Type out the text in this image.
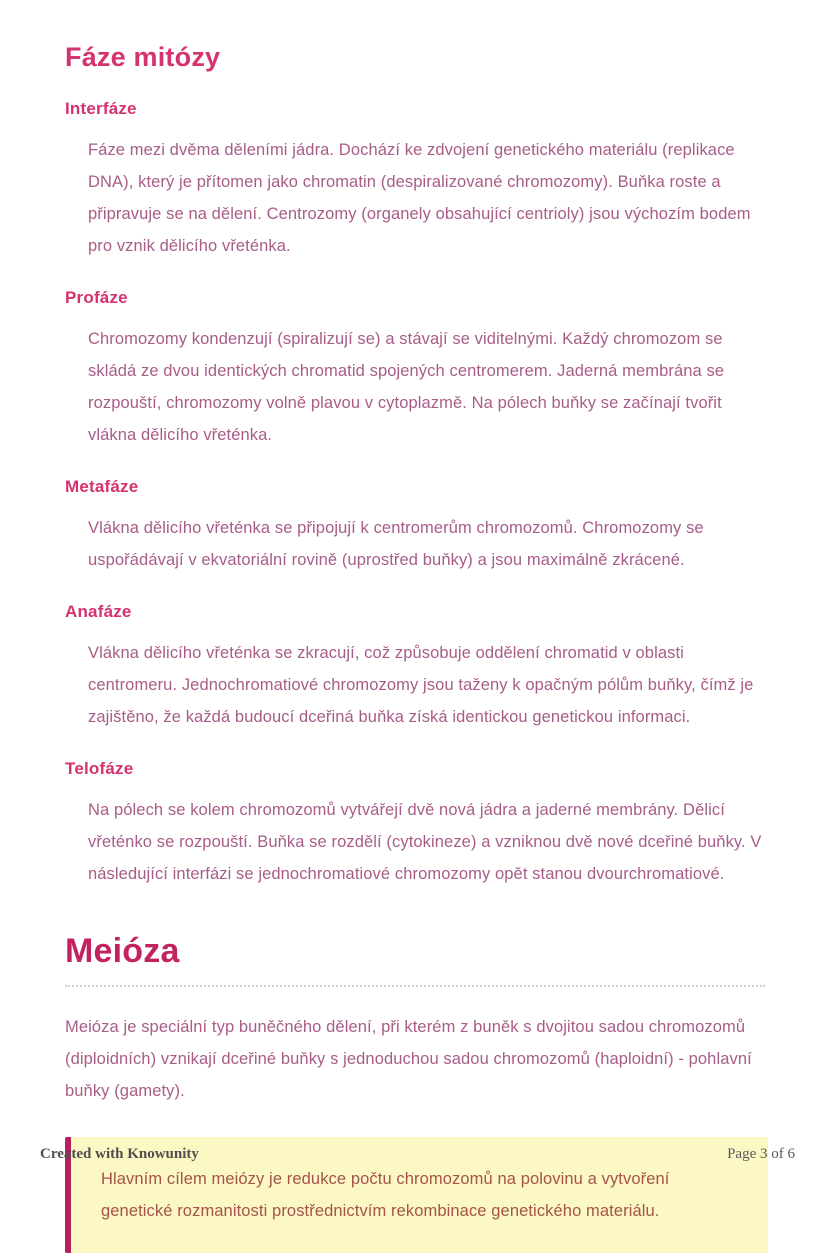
Fáze mitózy
Interfáze

Fáze mezi dvěma děleními jádra. Dochází ke zdvojení genetického materiálu (replikace DNA), který je přítomen jako chromatin (despiralizované chromozomy). Buňka roste a připravuje se na dělení. Centrozomy (organely obsahující centrioly) jsou výchozím bodem pro vznik dělicího vřeténka.

Profáze

Chromozomy kondenzují (spiralizují se) a stávají se viditelnými. Každý chromozom se skládá ze dvou identických chromatid spojených centromerem. Jaderná membrána se rozpouští, chromozomy volně plavou v cytoplazmě. Na pólech buňky se začínají tvořit vlákna dělicího vřeténka.

Metafáze

Vlákna dělicího vřeténka se připojují k centromerům chromozomů. Chromozomy se uspořádávají v ekvatoriální rovině (uprostřed buňky) a jsou maximálně zkrácené.

Anafáze

Vlákna dělicího vřeténka se zkracují, což způsobuje oddělení chromatid v oblasti centromeru. Jednochromatiové chromozomy jsou taženy k opačným pólům buňky, čímž je zajištěno, že každá budoucí dceřiná buňka získá identickou genetickou informaci.

Telofáze

Na pólech se kolem chromozomů vytvářejí dvě nová jádra a jaderné membrány. Dělicí vřeténko se rozpouští. Buňka se rozdělí (cytokineze) a vzniknou dvě nové dceřiné buňky. V následující interfázi se jednochromatiové chromozomy opět stanou dvourchromatiové.

Meióza

Meióza je speciální typ buněčného dělení, při kterém z buněk s dvojitou sadou chromozomů (diploidních) vznikají dceřiné buňky s jednoduchou sadou chromozomů (haploidní) - pohlavní buňky (gamety).

Hlavním cílem meiózy je redukce počtu chromozomů na polovinu a vytvoření genetické rozmanitosti prostřednictvím rekombinace genetického materiálu.
Created with Knowunity	Page 3 of 6
